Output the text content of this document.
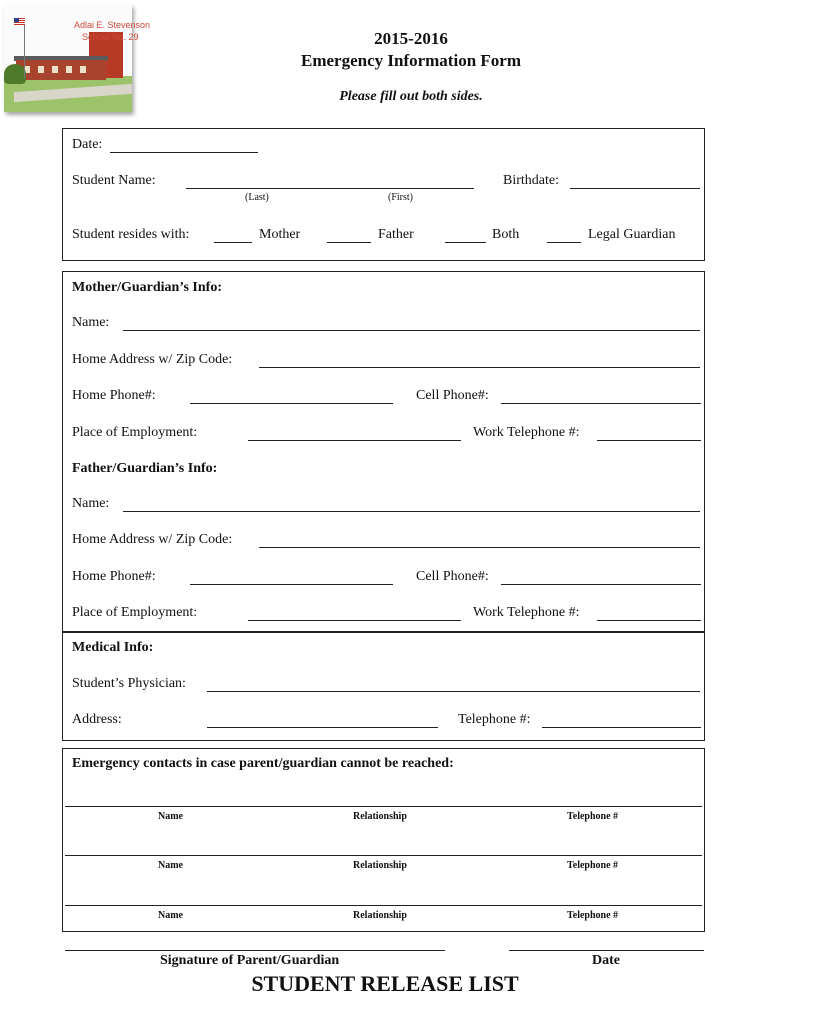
Adlai E. Stevenson
School No. 29	2015-2016
Emergency Information Form
Please fill out both sides.
Date:
Student Name:
(Last)	(First)
Birthdate:
Student resides with:	Mother	Father	Both	Legal Guardian
Mother/Guardian’s Info:
Name:
Home Address w/ Zip Code:
Home Phone#:	Cell Phone#:
Place of Employment:	Work Telephone #:
Father/Guardian’s Info:
Name:
Home Address w/ Zip Code:
Home Phone#:	Cell Phone#:
Place of Employment:	Work Telephone #:
Medical Info:
Student’s Physician:
Address:	Telephone #:
Emergency contacts in case parent/guardian cannot be reached:
Name	Relationship	Telephone #
Name	Relationship	Telephone #
Name	Relationship	Telephone #
Signature of Parent/Guardian	Date
STUDENT RELEASE LIST
